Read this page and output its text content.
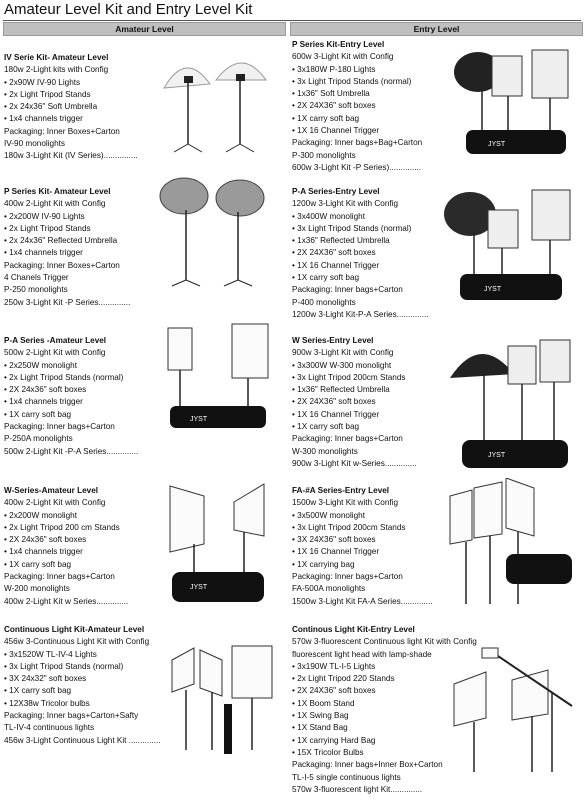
Amateur Level Kit and Entry Level Kit
Amateur Level	Entry Level
IV Serie Kit- Amateur Level
180w 2-Light kits with Config
• 2x90W IV-90 Lights
• 2x Light Tripod Stands
• 2x 24x36" Soft Umbrella
• 1x4 channels trigger
Packaging: Inner Boxes+Carton
IV-90 monolights
180w 3-Light Kit (IV Series)...............
P Series Kit- Amateur Level
400w 2-Light Kit with Config
• 2x200W IV-90 Lights
• 2x Light Tripod Stands
• 2x 24x36" Reflected Umbrella
• 1x4 channels trigger
Packaging: Inner Boxes+Carton
4 Chanels Trigger
P-250 monolights
250w 3-Light Kit -P Series..............
P-A Series -Amateur Level
500w 2-Light Kit with Config
• 2x250W monolight
• 2x Light Tripod Stands (normal)
• 2X 24x36" soft boxes
• 1x4 channels trigger
• 1X carry soft bag
Packaging: Inner bags+Carton
P-250A monolights
500w 2-Light Kit -P-A Series..............
W-Series-Amateur Level
400w 2-Light Kit with Config
• 2x200W monolight
• 2x Light Tripod 200 cm Stands
• 2X 24x36" soft boxes
• 1x4 channels trigger
• 1X carry soft bag
Packaging: Inner bags+Carton
W-200 monolights
400w 2-Light Kit w Series..............
Continuous Light Kit-Amateur Level
456w 3-Continuous Light Kit with Config
• 3x1520W TL-IV-4 Lights
• 3x Light Tripod Stands (normal)
• 3X 24x32" soft boxes
• 1X carry soft bag
• 12X38w Tricolor bulbs
Packaging: Inner bags+Carton+Safty
TL-IV-4 continuous lights
456w 3-Light Continuous Light Kit ..............
P Series Kit-Entry Level
600w 3-Light Kit with Config
• 3x180W P-180 Lights
• 3x Light Tripod Stands (normal)
• 1x36" Soft Umbrella
• 2X 24X36" soft boxes
• 1X carry soft bag
• 1X 16 Channel Trigger
Packaging: Inner bags+Bag+Carton
P-300 monolights
600w 3-Light Kit -P Series)..............
P-A Series-Entry Level
1200w 3-Light Kit with Config
• 3x400W monolight
• 3x Light Tripod Stands (normal)
• 1x36" Reflected Umbrella
• 2X 24X36" soft boxes
• 1X 16 Channel Trigger
• 1X carry soft bag
Packaging: Inner bags+Carton
P-400 monolights
1200w 3-Light Kit-P-A Series..............
W Series-Entry Level
900w 3-Light Kit with Config
• 3x300W W-300 monolight
• 3x Light Tripod 200cm Stands
• 1x36" Reflected Umbrella
• 2X 24X36" soft boxes
• 1X 16 Channel Trigger
• 1X carry soft bag
Packaging: Inner bags+Carton
W-300 monolights
900w 3-Light Kit w-Series..............
FA-#A Series-Entry Level
1500w 3-Light Kit with Config
• 3x500W monolight
• 3x Light Tripod 200cm Stands
• 3X 24X36" soft boxes
• 1X 16 Channel Trigger
• 1X carrying bag
Packaging: Inner bags+Carton
FA-500A monolights
1500w 3-Light Kit FA-A Series..............
Continous Light Kit-Entry Level
570w 3-fluorescent Continuous light Kit with Config
fluorescent light head with lamp-shade
• 3x190W TL-I-5 Lights
• 2x Light Tripod 220 Stands
• 2X 24X36" soft boxes
• 1X Boom Stand
• 1X Swing Bag
• 1X Stand Bag
• 1X carrying Hard Bag
• 15X Tricolor Bulbs
Packaging: Inner bags+Inner Box+Carton
TL-I-5 single continuous lights
570w 3-fluorescent light Kit..............
JYST
JYST
JYST
JYST
JYST
